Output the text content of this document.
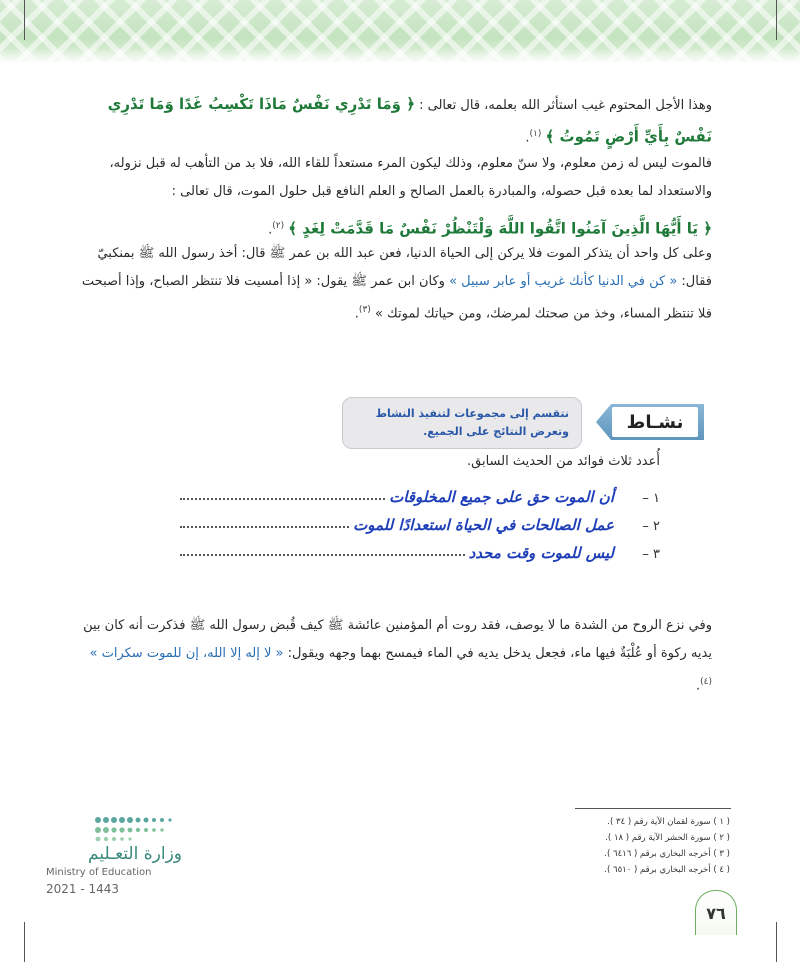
وهذا الأجل المحتوم غيب استأثر الله بعلمه، قال تعالى : ﴿ وَمَا تَدْرِي نَفْسٌ مَاذَا تَكْسِبُ غَدًا وَمَا تَدْرِي نَفْسٌ بِأَيِّ أَرْضٍ تَمُوتُ ﴾ $^{(١)}$.
فالموت ليس له زمن معلوم، ولا سنّ معلوم، وذلك ليكون المرء مستعداً للقاء الله، فلا بد من التأهب له قبل نزوله، والاستعداد لما بعده قبل حصوله، والمبادرة بالعمل الصالح و العلم النافع قبل حلول الموت، قال تعالى :
﴿ يَا أَيُّهَا الَّذِينَ آمَنُوا اتَّقُوا اللَّهَ وَلْتَنْظُرْ نَفْسٌ مَا قَدَّمَتْ لِغَدٍ ﴾ $^{(٢)}$.
وعلى كل واحد أن يتذكر الموت فلا يركن إلى الحياة الدنيا، فعن عبد الله بن عمر ﷺ قال: أخذ رسول الله ﷺ بمنكبيّ فقال: « كن في الدنيا كأنك غريب أو عابر سبيل » وكان ابن عمر ﷺ يقول: « إذا أمسيت فلا تنتظر الصباح، وإذا أصبحت فلا تنتظر المساء، وخذ من صحتك لمرضك، ومن حياتك لموتك » $^{(٣)}$.
نشـاط
نتقسم إلى مجموعات لتنفيذ النشاط وتعرض النتائج على الجميع.
أُعدد ثلاث فوائد من الحديث السابق.
١ –
أن الموت حق على جميع المخلوقات
٢ –
عمل الصالحات في الحياة استعدادًا للموت
٣ –
ليس للموت وقت محدد
وفي نزع الروح من الشدة ما لا يوصف، فقد روت أم المؤمنين عائشة ﷺ كيف قُبض رسول الله ﷺ فذكرت أنه كان بين يديه ركوة أو عُلْبَةٌ فيها ماء، فجعل يدخل يديه في الماء فيمسح بهما وجهه ويقول: « لا إله إلا الله، إن للموت سكرات » $^{(٤)}$.
( ١ ) سورة لقمان الآية رقم ( ٣٤ ).
( ٢ ) سورة الحشر الآية رقم ( ١٨ ).
( ٣ ) أخرجه البخاري برقم ( ٦٤١٦ ).
( ٤ ) أخرجه البخاري برقم ( ٦٥١٠ ).
وزارة التعـليم
Ministry of Education
2021 - 1443
٧٦
